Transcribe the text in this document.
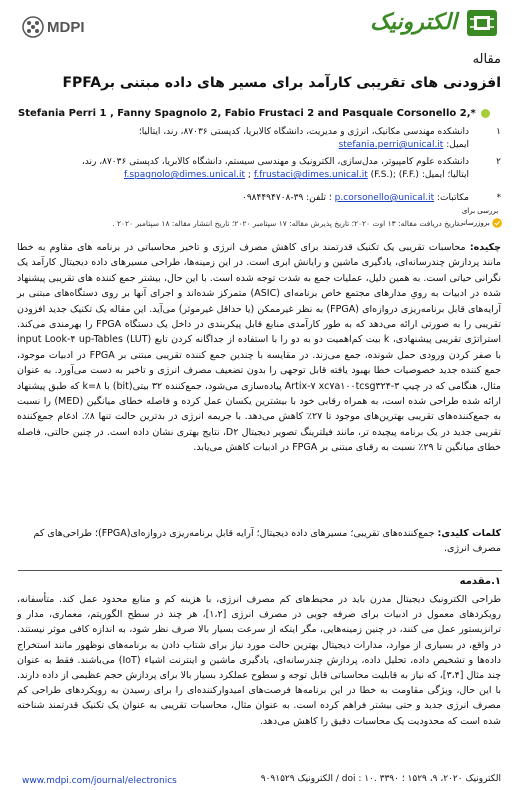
MDPI	الکترونیک
مقاله
افزودنی های تقریبی کارآمد برای مسیر های داده مبتنی برFPFA
Stefania Perri 1 , Fanny Spagnolo 2, Fabio Frustaci 2 and Pasquale Corsonello 2,*
۱
دانشکده مهندسی مکانیک، انرژی و مدیریت، دانشگاه کالابریا، کدپستی ۸۷۰۳۶، رند، ایتالیا؛
ایمیل: stefania.perri@unical.it
۲
دانشکده علوم کامپیوتر، مدل‌سازی، الکترونیک و مهندسی سیستم، دانشگاه کالابریا، کدپستی ۸۷۰۳۶، رند،
ایتالیا؛ ایمیل: f.spagnolo@dimes.unical.it ; f.frustaci@dimes.unical.it (F.S.); (F.F.)
*
مکاتبات: p.corsonello@unical.it ؛ تلفن: ۳۹-۰۹۸۴۴۹۴۷۰۸
بررسی برای
بروزرسانی
تاریخ دریافت مقاله: ۱۳ اوت ۲۰۲۰؛ تاریخ پذیرش مقاله: ۱۷ سپتامبر ۲۰۲۰؛ تاریخ انتشار مقاله: ۱۸ سپتامبر ۲۰۲۰ .
چکیده: محاسبات تقریبی یک تکنیک قدرتمند برای کاهش مصرف انرژی و تاخیر محاسباتی در برنامه های مقاوم به خطا مانند پردازش چندرسانه‌ای، یادگیری ماشین و رایانش ابری است. در این زمینه‌ها، طراحی مسیرهای داده دیجیتال کارآمد یک نگرانی حیاتی است. به همین دلیل، عملیات جمع به شدت توجه شده است. با این حال، بیشتر جمع کننده های تقریبی پیشنهاد شده در ادبیات به رویِ مدارهای مجتمع خاص برنامه‌ای (ASIC) متمرکز شده‌اند و اجرای آنها بر روی دستگاه‌های مبتنی بر آرایه‌های قابل برنامه‌ریزی دروازه‌ای (FPGA) به نظر غیرممکن (یا حداقل غیرموثر) می‌آید. این مقاله یک تکنیک جدید افزودن تقریبی را به صورتی ارائه می‌دهد که به طور کارآمدی منابع قابل پیکربندی در داخل یک دستگاه FPGA را بهرمندی می‌کند. استراتژی تقریبی پیشنهادی، k بیت کم‌اهمیت دو به دو را با استفاده از جداگانه کردن تابع input Look-۴ up-Tables (LUT) با صفر کردن ورودی حمل شونده، جمع می‌زند. در مقایسه با چندین جمع کننده تقریبی مبتنی بر FPGA در ادبیات موجود، جمع کننده جدید خصوصیات خطا بهبود یافته قابل توجهی را بدون تضعیف مصرف انرژی و تاخیر به دست می‌آورد. به عنوان مثال، هنگامی که در چیپ Artix-۷ xc۷a۱۰۰tcsg۳۲۴-۳ پیاده‌سازی می‌شود، جمع‌کننده ۳۲ بیتی(bit) با k=۸ که طبق پیشنهاد ارائه شده طراحی شده است، به همراه رقابی خود با بیشترین یکسان عمل کرده و فاصله خطای میانگین (MED) را نسبت به جمع‌کننده‌های تقریبی بهترین‌های موجود تا ۲۷٪ کاهش می‌دهد. با جریمه انرژی در بدترین حالت تنها ۸٪. ادغام جمع‌کننده تقریبی جدید در یک برنامه پیچیده تر، مانند فیلترینگ تصویر دیجیتال D۲، نتایج بهتری نشان داده است. در چنین حالتی، فاصله خطای میانگین تا ۲۹٪ نسبت به رقبای مبتنی بر FPGA در ادبیات کاهش می‌یابد.
کلمات کلیدی: جمع‌کننده‌های تقریبی؛ مسیرهای داده دیجیتال؛ آرایه قابل برنامه‌ریزی دروازه‌ای(FPGA)؛ طراحی‌های کم مصرف انرژی.
۱.مقدمه
طراحی الکترونیک دیجیتال مدرن باید در محیط‌های کم مصرف انرژی، با هزینه کم و منابع محدود عمل کند. متأسفانه، رویکردهای معمول در ادبیات برای صرفه جویی در مصرف انرژی [۱،۲]، هر چند در سطح الگوریتم، معماری، مدار و ترانزیستور عمل می کنند، در چنین زمینه‌هایی، مگر اینکه از سرعت بسیار بالا صرف نظر شود، به اندازه کافی موثر نیستند. در واقع، در بسیاری از موارد، مدارات دیجیتال بهترین حالت مورد نیاز برای شتاب دادن به برنامه‌های نوظهور مانند استخراج داده‌ها و تشخیص داده، تحلیل داده، پردازش چندرسانه‌ای، یادگیری ماشین و اینترنت اشیاء (IoT) می‌باشند. فقط به عنوان چند مثال [۳،۴]، که نیاز به قابلیت محاسباتی قابل توجه و سطوح عملکرد بسیار بالا برای پردازش حجم عظیمی از داده دارند. با این حال، ویژگی مقاومت به خطا در این برنامه‌ها فرصت‌های امیدوارکننده‌ای را برای رسیدن به رویکردهای طراحی کم مصرف انرژی جدید و حتی بیشتر فراهم کرده است. به عنوان مثال، محاسبات تقریبی به عنوان یک تکنیک قدرتمند شناخته شده است که محدودیت یک محاسبات دقیق را کاهش می‌دهد.
www.mdpi.com/journal/electronics	الکترونیک ۲۰۲۰، ۹، ۱۵۲۹ ؛ doi : ۱۰. ۳۳۹۰ / الکترونیک ۹۰۹۱۵۲۹
